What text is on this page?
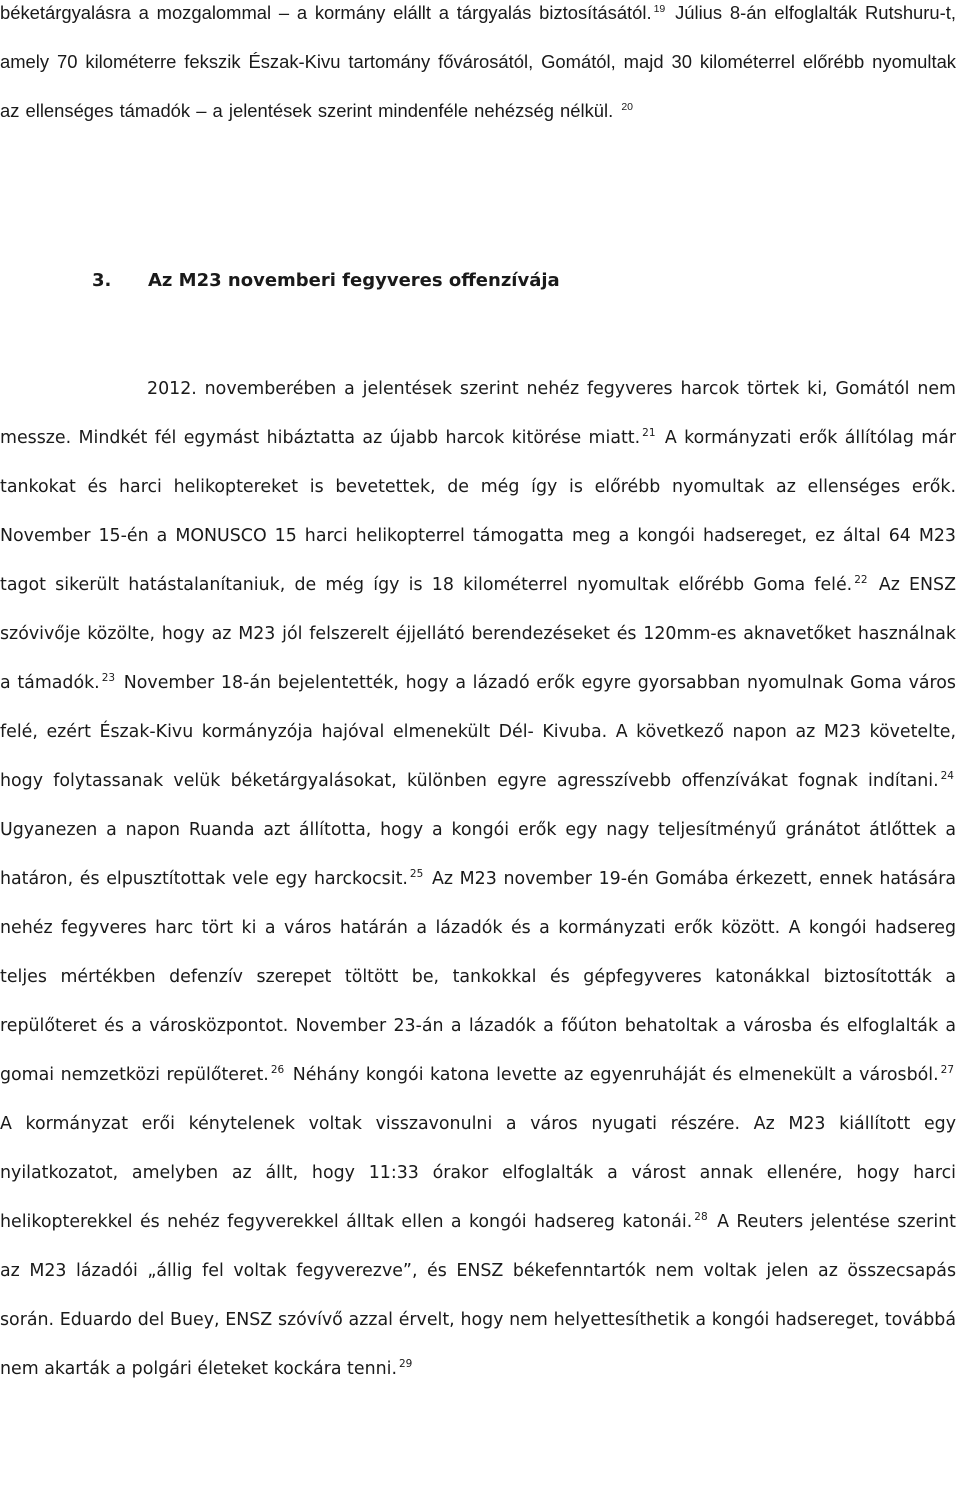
béketárgyalásra a mozgalommal – a kormány elállt a tárgyalás biztosításától. $^{19}$ Július 8-án elfoglalták Rutshuru-t, amely 70 kilométerre fekszik Észak-Kivu tartomány fővárosától, Gomától, majd 30 kilométerrel előrébb nyomultak az ellenséges támadók – a jelentések szerint mindenféle nehézség nélkül. $^{20}$

3. Az M23 novemberi fegyveres offenzívája

2012. novemberében a jelentések szerint nehéz fegyveres harcok törtek ki, Gomától nem messze. Mindkét fél egymást hibáztatta az újabb harcok kitörése miatt. $^{21}$ A kormányzati erők állítólag már tankokat és harci helikoptereket is bevetettek, de még így is előrébb nyomultak az ellenséges erők. November 15-én a MONUSCO 15 harci helikopterrel támogatta meg a kongói hadsereget, ez által 64 M23 tagot sikerült hatástalanítaniuk, de még így is 18 kilométerrel nyomultak előrébb Goma felé. $^{22}$ Az ENSZ szóvivője közölte, hogy az M23 jól felszerelt éjjellátó berendezéseket és 120mm-es aknavetőket használnak a támadók. $^{23}$ November 18-án bejelentették, hogy a lázadó erők egyre gyorsabban nyomulnak Goma város felé, ezért Észak-Kivu kormányzója hajóval elmenekült Dél- Kivuba. A következő napon az M23 követelte, hogy folytassanak velük béketárgyalásokat, különben egyre agresszívebb offenzívákat fognak indítani. $^{24}$ Ugyanezen a napon Ruanda azt állította, hogy a kongói erők egy nagy teljesítményű gránátot átlőttek a határon, és elpusztítottak vele egy harckocsit. $^{25}$ Az M23 november 19-én Gomába érkezett, ennek hatására nehéz fegyveres harc tört ki a város határán a lázadók és a kormányzati erők között. A kongói hadsereg teljes mértékben defenzív szerepet töltött be, tankokkal és gépfegyveres katonákkal biztosították a repülőteret és a városközpontot. November 23-án a lázadók a főúton behatoltak a városba és elfoglalták a gomai nemzetközi repülőteret. $^{26}$ Néhány kongói katona levette az egyenruháját és elmenekült a városból. $^{27}$ A kormányzat erői kénytelenek voltak visszavonulni a város nyugati részére. Az M23 kiállított egy nyilatkozatot, amelyben az állt, hogy 11:33 órakor elfoglalták a várost annak ellenére, hogy harci helikopterekkel és nehéz fegyverekkel álltak ellen a kongói hadsereg katonái. $^{28}$ A Reuters jelentése szerint az M23 lázadói „állig fel voltak fegyverezve”, és ENSZ békefenntartók nem voltak jelen az összecsapás során. Eduardo del Buey, ENSZ szóvívő azzal érvelt, hogy nem helyettesíthetik a kongói hadsereget, továbbá nem akarták a polgári életeket kockára tenni. $^{29}$
